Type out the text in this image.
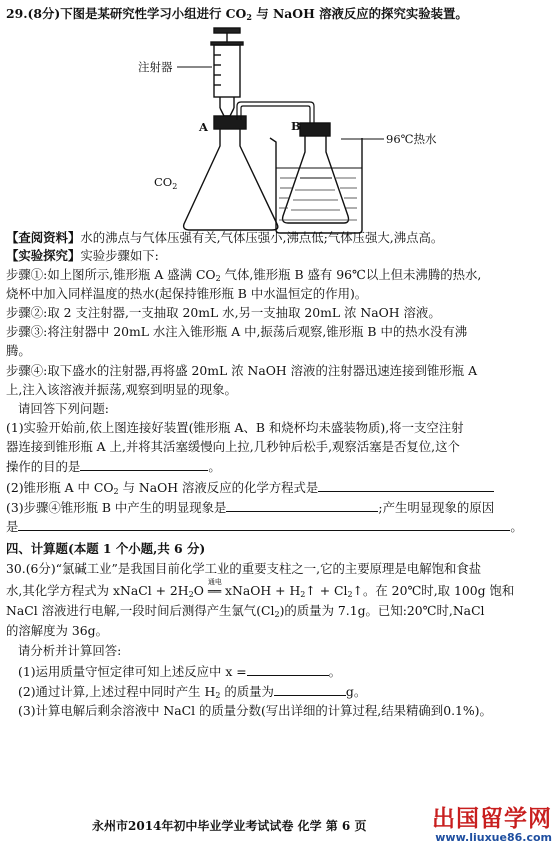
29.(8分)下图是某研究性学习小组进行 $CO_2$ 与 NaOH 溶液反应的探究实验装置。
注射器
A	B
96℃热水
$CO_2$
【查阅资料】水的沸点与气体压强有关,气体压强小,沸点低;气体压强大,沸点高。
【实验探究】实验步骤如下:
步骤①:如上图所示,锥形瓶 A 盛满 $CO_2$ 气体,锥形瓶 B 盛有 96℃以上但未沸腾的热水,
烧杯中加入同样温度的热水(起保持锥形瓶 B 中水温恒定的作用)。
步骤②:取 2 支注射器,一支抽取 20mL 水,另一支抽取 20mL 浓 NaOH 溶液。
步骤③:将注射器中 20mL 水注入锥形瓶 A 中,振荡后观察,锥形瓶 B 中的热水没有沸
腾。
步骤④:取下盛水的注射器,再将盛 20mL 浓 NaOH 溶液的注射器迅速连接到锥形瓶 A
上,注入该溶液并振荡,观察到明显的现象。
请回答下列问题:
(1)实验开始前,依上图连接好装置(锥形瓶 A、B 和烧杯均未盛装物质),将一支空注射
器连接到锥形瓶 A 上,并将其活塞缓慢向上拉,几秒钟后松手,观察活塞是否复位,这个
操作的目的是	。
(2)锥形瓶 A 中 $CO_2$ 与 NaOH 溶液反应的化学方程式是
(3)步骤④锥形瓶 B 中产生的明显现象是	;产生明显现象的原因
是	。
四、计算题(本题 1 个小题,共 6 分)
30.(6分)“氯碱工业”是我国目前化学工业的重要支柱之一,它的主要原理是电解饱和食盐
水,其化学方程式为 xNaCl + $2H_2O$
通电
══ xNaOH + $H_2↑$ + $Cl_2↑$。在 20℃时,取 100g 饱和
NaCl 溶液进行电解,一段时间后测得产生氯气$(Cl_2)$的质量为 7.1g。已知:20℃时,NaCl
的溶解度为 36g。
请分析并计算回答:
(1)运用质量守恒定律可知上述反应中 x =	。
(2)通过计算,上述过程中同时产生 $H_2$ 的质量为	g。
(3)计算电解后剩余溶液中 NaCl 的质量分数(写出详细的计算过程,结果精确到0.1%)。
永州市2014年初中毕业学业考试试卷 化学 第 6 页	出国留学网
www.liuxue86.com
